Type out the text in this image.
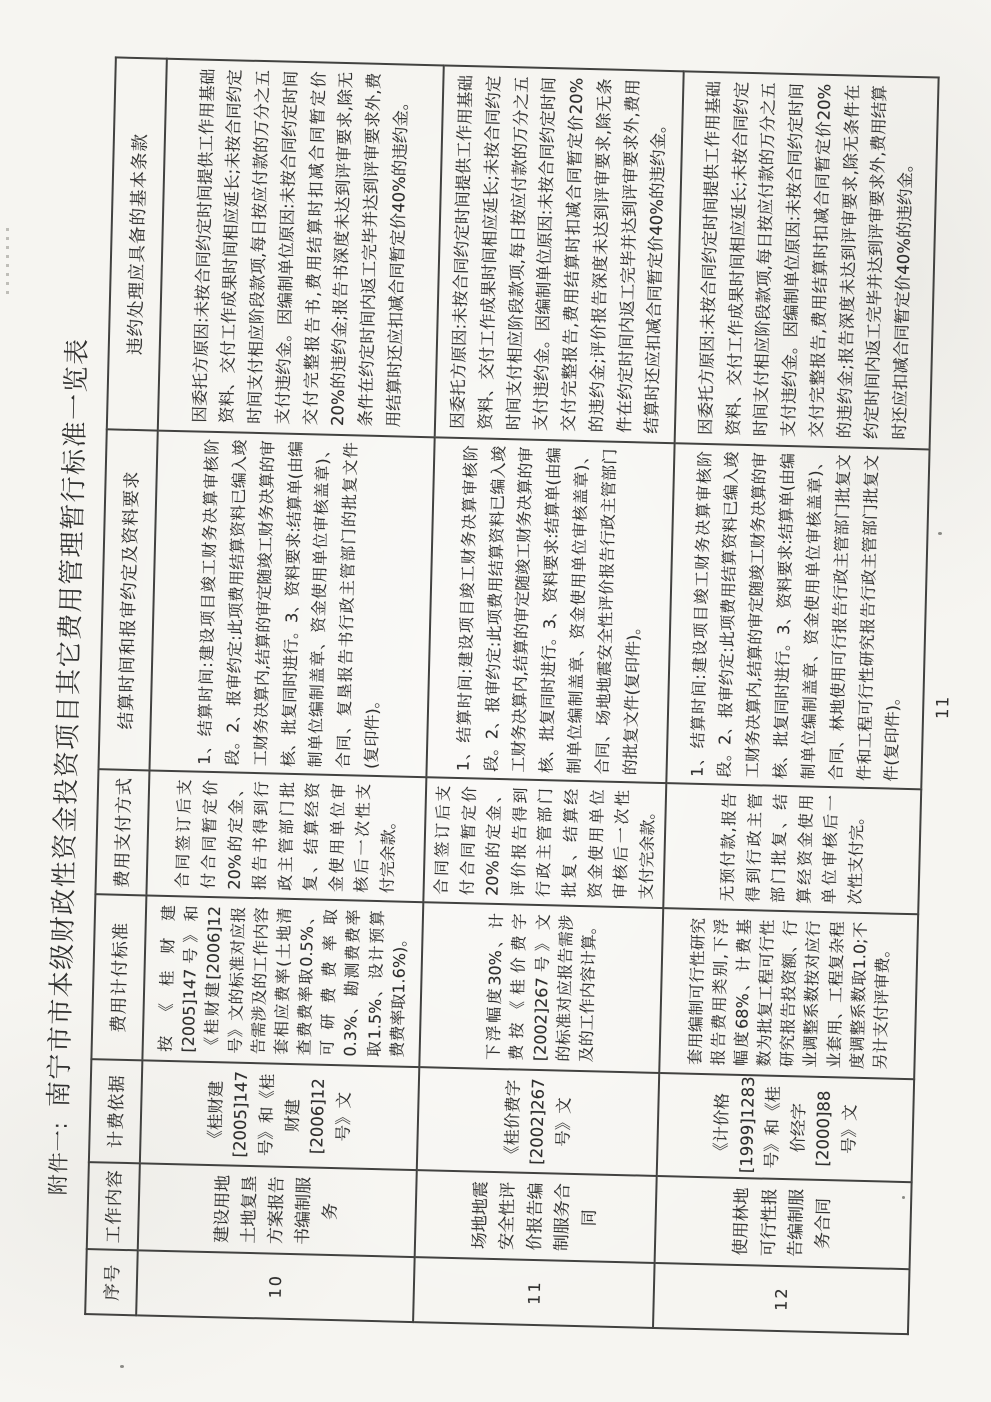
附件一:
南宁市市本级财政性资金投资项目其它费用管理暂行标准一览表
序号	工作内容	计费依据	费用计付标准	费用支付方式	结算时间和报审约定及资料要求	违约处理应具备的基本条款
10	建设用地土地复垦方案报告书编制服务	《桂财建[2005]147号》和《桂财建[2006]12号》文	按《桂财建[2005]147号》和《桂财建[2006]12号》文的标准对应报告需涉及的工作内容套相应费率(土地清查费费率取0.5%、可研费费率取0.3%、勘测费费率取1.5%、设计预算费费率取1.6%)。	合同签订后支付合同暂定价20%的定金、报告书得到行政主管部门批复、结算经资金使用单位审核后一次性支付完余款。	1、结算时间:建设项目竣工财务决算审核阶段。2、报审约定:此项费用结算资料已编入竣工财务决算内,结算的审定随竣工财务决算的审核、批复同时进行。3、资料要求:结算单(由编制单位编制盖章、资金使用单位审核盖章)、合同、复垦报告书行政主管部门的批复文件(复印件)。	因委托方原因:未按合同约定时间提供工作用基础资料、交付工作成果时间相应延长;未按合同约定时间支付相应阶段款项,每日按应付款的万分之五支付违约金。因编制单位原因:未按合同约定时间交付完整报告书,费用结算时扣减合同暂定价20%的违约金;报告书深度未达到评审要求,除无条件在约定时间内返工完毕并达到评审要求外,费用结算时还应扣减合同暂定价40%的违约金。
11	场地地震安全性评价报告编制服务合同	《桂价费字[2002]267号》文	下浮幅度30%、计费按《桂价费字[2002]267号》文的标准对应报告需涉及的工作内容计算。	合同签订后支付合同暂定价20%的定金、评价报告得到行政主管部门批复、结算经资金使用单位审核后一次性支付完余款。	1、结算时间:建设项目竣工财务决算审核阶段。2、报审约定:此项费用结算资料已编入竣工财务决算内,结算的审定随竣工财务决算的审核、批复同时进行。3、资料要求:结算单(由编制单位编制盖章、资金使用单位审核盖章)、合同、场地地震安全性评价报告行政主管部门的批复文件(复印件)。	因委托方原因:未按合同约定时间提供工作用基础资料、交付工作成果时间相应延长;未按合同约定时间支付相应阶段款项,每日按应付款的万分之五支付违约金。因编制单位原因:未按合同约定时间交付完整报告,费用结算时扣减合同暂定价20%的违约金;评价报告深度未达到评审要求,除无条件在约定时间内返工完毕并达到评审要求外,费用结算时还应扣减合同暂定价40%的违约金。
12	使用林地可行性报告编制服务合同	《计价格[1999]1283号》和《桂价经字[2000]88号》文	套用编制可行性研究报告费用类别,下浮幅度68%、计费基数为批复工程可行性研究报告投资额、行业调整系数按对应行业套用、工程复杂程度调整系数取1.0;不另计支付评审费。	无预付款,报告得到行政主管部门批复、结算经资金使用单位审核后一次性支付完。	1、结算时间:建设项目竣工财务决算审核阶段。2、报审约定:此项费用结算资料已编入竣工财务决算内,结算的审定随竣工财务决算的审核、批复同时进行。3、资料要求:结算单(由编制单位编制盖章、资金使用单位审核盖章)、合同、林地使用可行报告行政主管部门批复文件和工程可行性研究报告行政主管部门批复文件(复印件)。	因委托方原因:未按合同约定时间提供工作用基础资料、交付工作成果时间相应延长;未按合同约定时间支付相应阶段款项,每日按应付款的万分之五支付违约金。因编制单位原因:未按合同约定时间交付完整报告,费用结算时扣减合同暂定价20%的违约金;报告深度未达到评审要求,除无条件在约定时间内返工完毕并达到评审要求外,费用结算时还应扣减合同暂定价40%的违约金。
11
